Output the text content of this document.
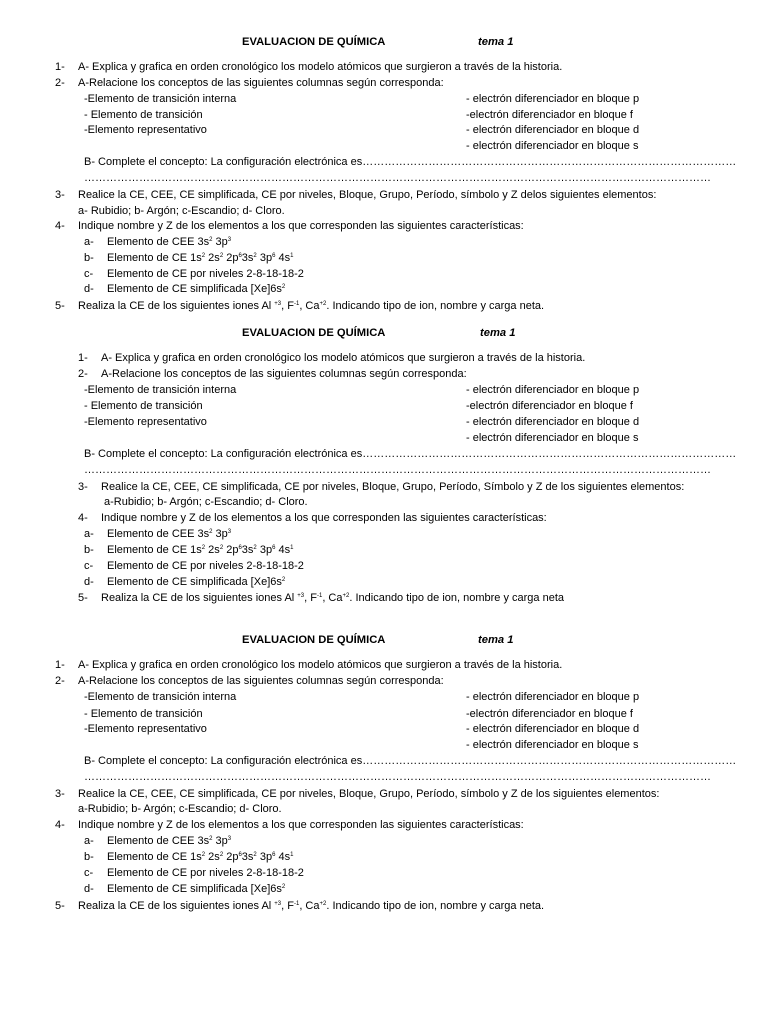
EVALUACION DE QUÍMICA	tema 1
1- A- Explica y grafica en orden cronológico los modelo atómicos que surgieron a través de la historia.
2- A-Relacione los conceptos de las siguientes columnas según corresponda:
-Elemento de transición interna
- Elemento de transición
-Elemento representativo
- electrón diferenciador en bloque p
-electrón diferenciador en bloque f
- electrón diferenciador en bloque d
- electrón diferenciador en bloque s
B- Complete el concepto: La configuración electrónica es…………………………………………………………………………………………
………………………………………………………………………………………………………………………………………………………
3- Realice la CE, CEE, CE simplificada, CE por niveles, Bloque, Grupo, Período, símbolo y Z delos siguientes elementos:
a- Rubidio; b- Argón; c-Escandio; d- Cloro.
4- Indique nombre y Z de los elementos a los que corresponden las siguientes características:
a- Elemento de CEE $3s^2$ $3p^3$
b- Elemento de CE $1s^2$ $2s^2$ $2p^63s^2$ $3p^6$ $4s^1$
c- Elemento de CE por niveles 2-8-18-18-2
d- Elemento de CE simplificada $[Xe]6s^2$
5- Realiza la CE de los siguientes iones Al $^{+3}$, $F^{-1}$, $Ca^{+2}$. Indicando tipo de ion, nombre y carga neta.
EVALUACION DE QUÍMICA	tema 1
1- A- Explica y grafica en orden cronológico los modelo atómicos que surgieron a través de la historia.
2- A-Relacione los conceptos de las siguientes columnas según corresponda:
-Elemento de transición interna
- Elemento de transición
-Elemento representativo
- electrón diferenciador en bloque p
-electrón diferenciador en bloque f
- electrón diferenciador en bloque d
- electrón diferenciador en bloque s
B- Complete el concepto: La configuración electrónica es…………………………………………………………………………………………
………………………………………………………………………………………………………………………………………………………
3- Realice la CE, CEE, CE simplificada, CE por niveles, Bloque, Grupo, Período, Símbolo y Z de los siguientes elementos:
a-Rubidio; b- Argón; c-Escandio; d- Cloro.
4- Indique nombre y Z de los elementos a los que corresponden las siguientes características:
a- Elemento de CEE $3s^2$ $3p^3$
b- Elemento de CE $1s^2$ $2s^2$ $2p^63s^2$ $3p^6$ $4s^1$
c- Elemento de CE por niveles 2-8-18-18-2
d- Elemento de CE simplificada $[Xe]6s^2$
5- Realiza la CE de los siguientes iones Al $^{+3}$, $F^{-1}$, $Ca^{+2}$. Indicando tipo de ion, nombre y carga neta
EVALUACION DE QUÍMICA	tema 1
1- A- Explica y grafica en orden cronológico los modelo atómicos que surgieron a través de la historia.
2- A-Relacione los conceptos de las siguientes columnas según corresponda:
-Elemento de transición interna
- Elemento de transición
-Elemento representativo
- electrón diferenciador en bloque p
-electrón diferenciador en bloque f
- electrón diferenciador en bloque d
- electrón diferenciador en bloque s
B- Complete el concepto: La configuración electrónica es…………………………………………………………………………………………
………………………………………………………………………………………………………………………………………………………
3- Realice la CE, CEE, CE simplificada, CE por niveles, Bloque, Grupo, Período, símbolo y Z de los siguientes elementos:
a-Rubidio; b- Argón; c-Escandio; d- Cloro.
4- Indique nombre y Z de los elementos a los que corresponden las siguientes características:
a- Elemento de CEE $3s^2$ $3p^3$
b- Elemento de CE $1s^2$ $2s^2$ $2p^63s^2$ $3p^6$ $4s^1$
c- Elemento de CE por niveles 2-8-18-18-2
d- Elemento de CE simplificada $[Xe]6s^2$
5- Realiza la CE de los siguientes iones Al $^{+3}$, $F^{-1}$, $Ca^{+2}$. Indicando tipo de ion, nombre y carga neta.
